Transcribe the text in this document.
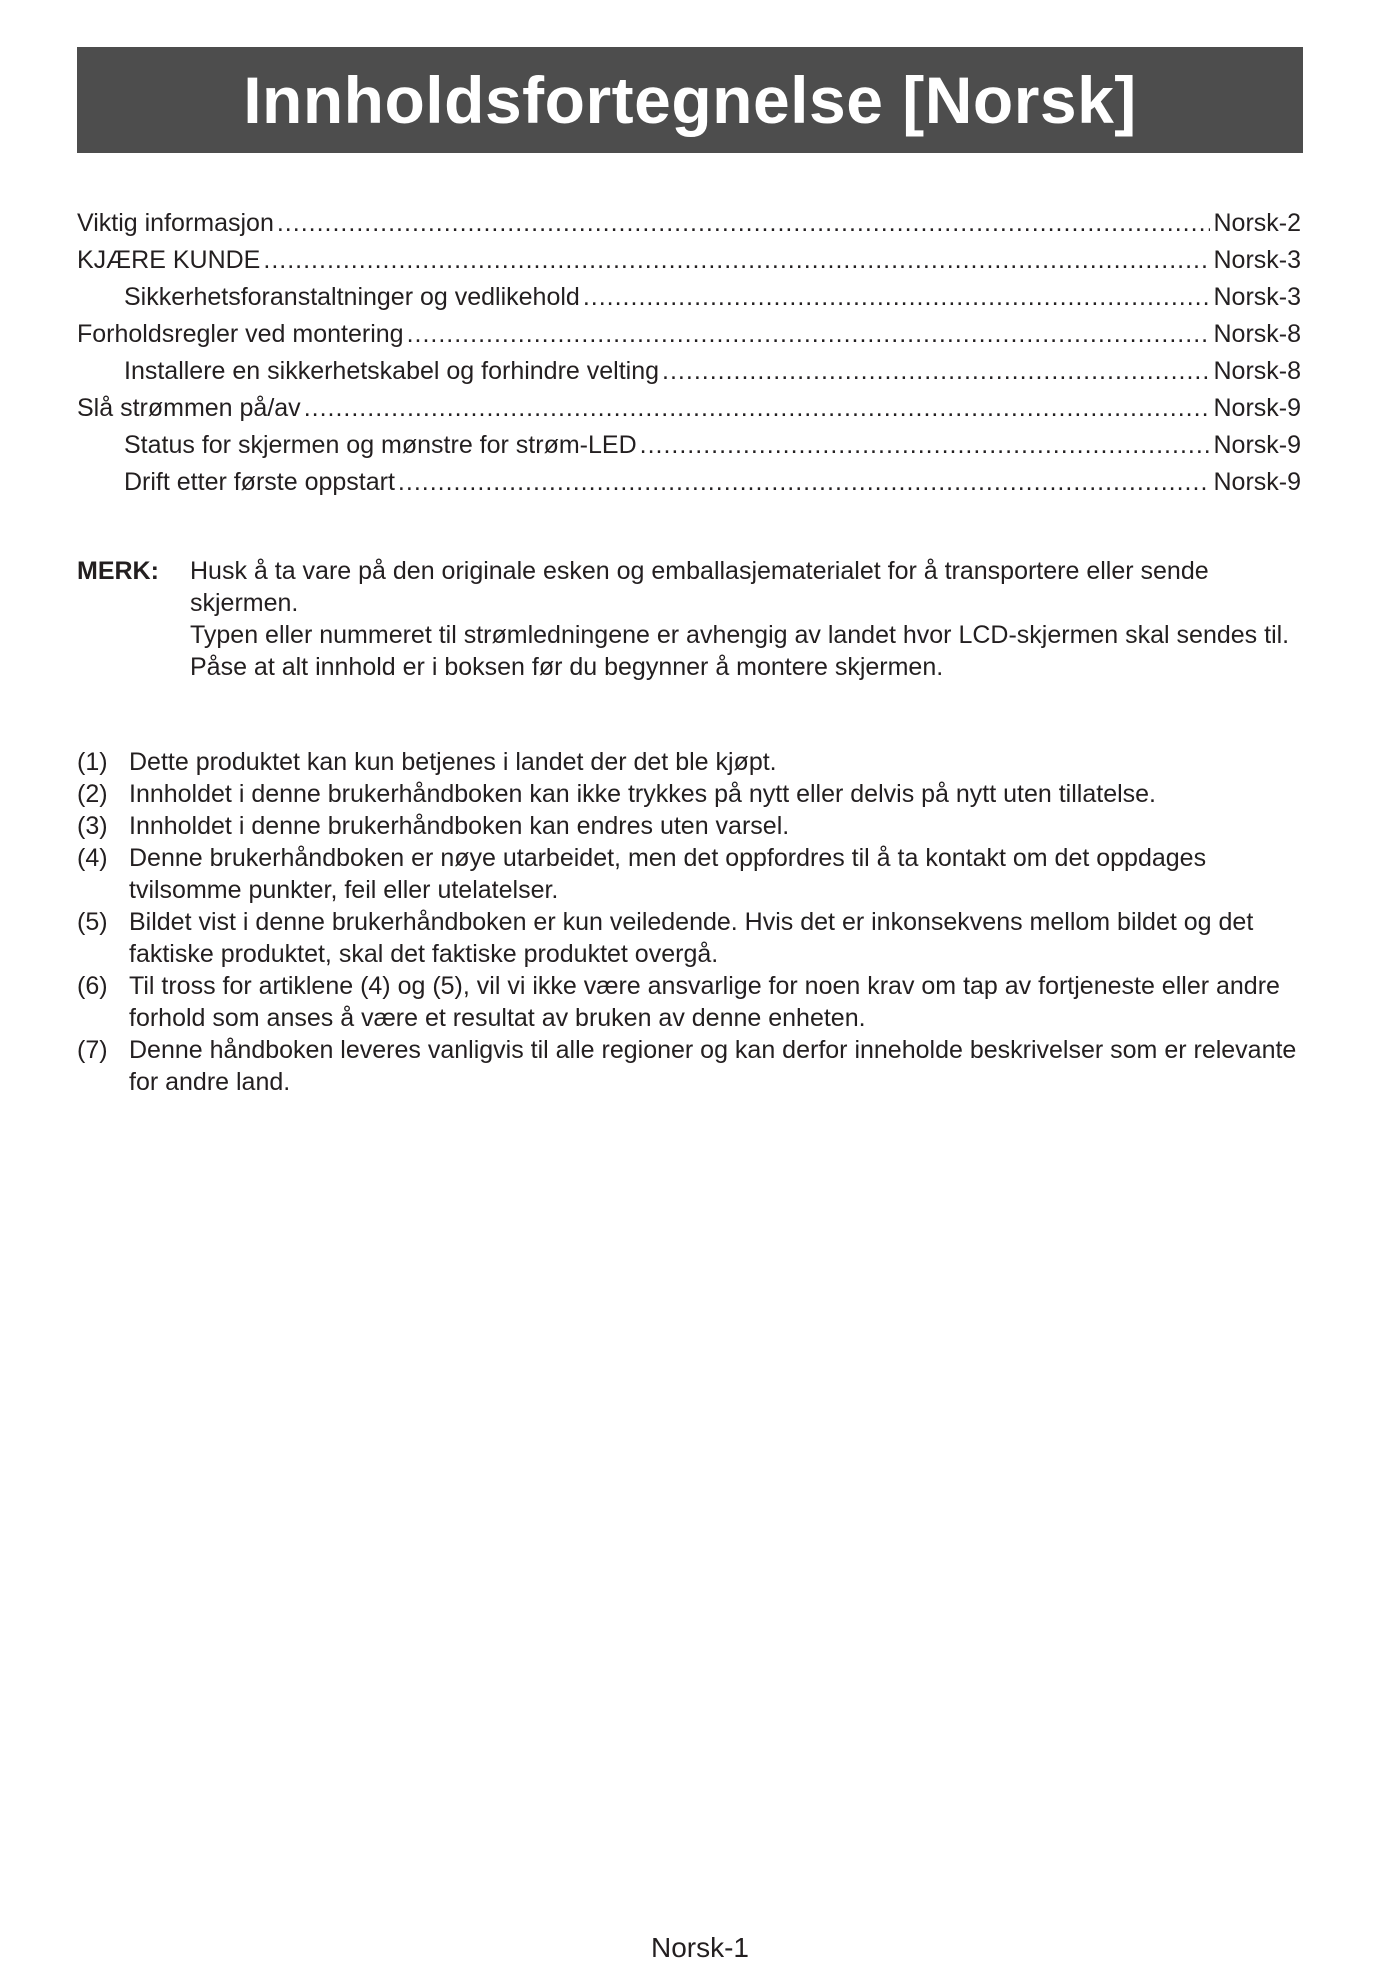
Innholdsfortegnelse [Norsk]
Viktig informasjon .....	Norsk-2
KJÆRE KUNDE .....	Norsk-3
Sikkerhetsforanstaltninger og vedlikehold .....	Norsk-3
Forholdsregler ved montering .....	Norsk-8
Installere en sikkerhetskabel og forhindre velting .....	Norsk-8
Slå strømmen på/av .....	Norsk-9
Status for skjermen og mønstre for strøm-LED .....	Norsk-9
Drift etter første oppstart .....	Norsk-9
MERK: Husk å ta vare på den originale esken og emballasjematerialet for å transportere eller sende skjermen.

Typen eller nummeret til strømledningene er avhengig av landet hvor LCD-skjermen skal sendes til.

Påse at alt innhold er i boksen før du begynner å montere skjermen.

(1) Dette produktet kan kun betjenes i landet der det ble kjøpt.
(2) Innholdet i denne brukerhåndboken kan ikke trykkes på nytt eller delvis på nytt uten tillatelse.
(3) Innholdet i denne brukerhåndboken kan endres uten varsel.
(4) Denne brukerhåndboken er nøye utarbeidet, men det oppfordres til å ta kontakt om det oppdages tvilsomme punkter, feil eller utelatelser.
(5) Bildet vist i denne brukerhåndboken er kun veiledende. Hvis det er inkonsekvens mellom bildet og det faktiske produktet, skal det faktiske produktet overgå.
(6) Til tross for artiklene (4) og (5), vil vi ikke være ansvarlige for noen krav om tap av fortjeneste eller andre forhold som anses å være et resultat av bruken av denne enheten.
(7) Denne håndboken leveres vanligvis til alle regioner og kan derfor inneholde beskrivelser som er relevante for andre land.
Norsk-1
